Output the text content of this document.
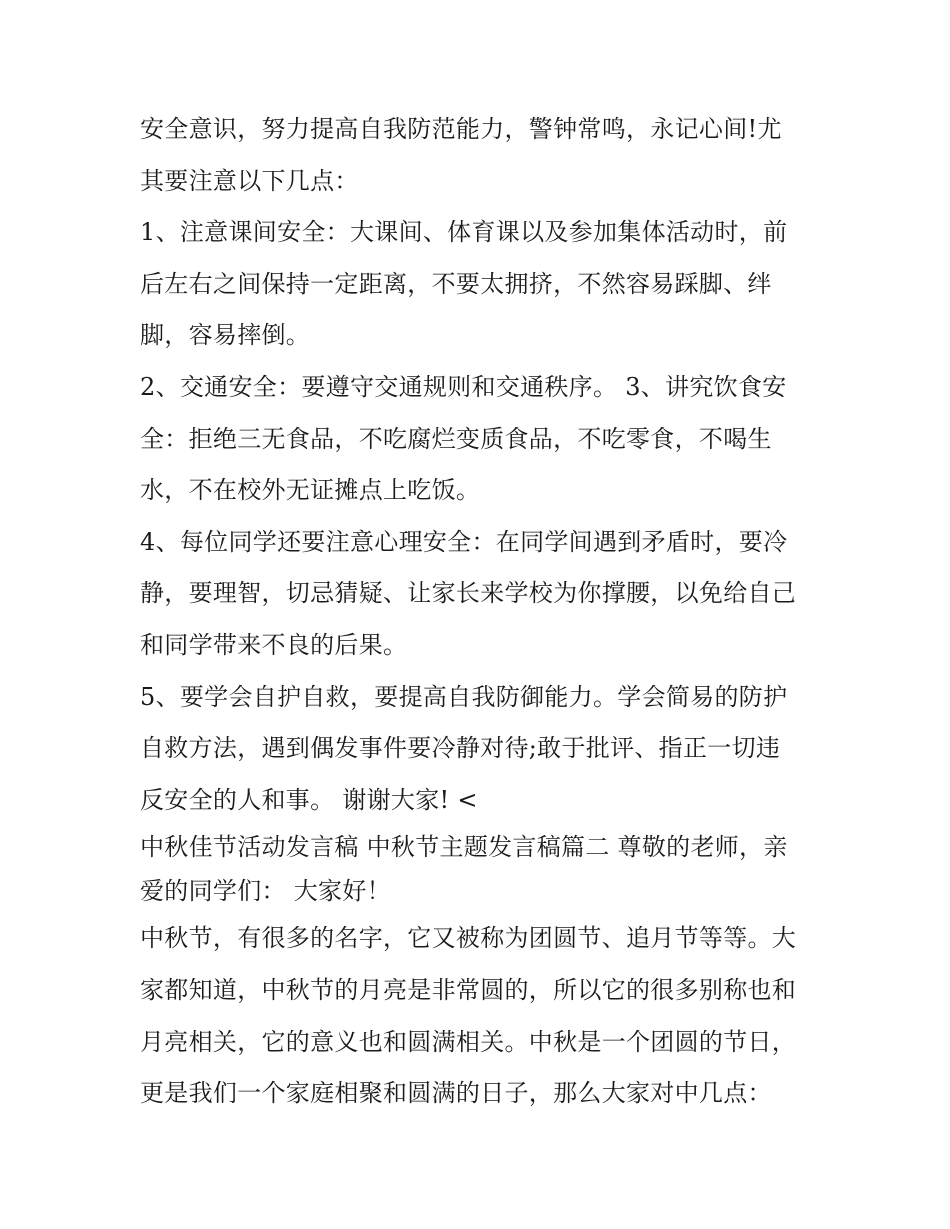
安全意识，努力提高自我防范能力，警钟常鸣，永记心间!尤
其要注意以下几点：
1、注意课间安全：大课间、体育课以及参加集体活动时，前
后左右之间保持一定距离，不要太拥挤，不然容易踩脚、绊
脚，容易摔倒。
2、交通安全：要遵守交通规则和交通秩序。 3、讲究饮食安
全：拒绝三无食品，不吃腐烂变质食品，不吃零食，不喝生
水，不在校外无证摊点上吃饭。
4、每位同学还要注意心理安全：在同学间遇到矛盾时，要冷
静，要理智，切忌猜疑、让家长来学校为你撑腰，以免给自己
和同学带来不良的后果。
5、要学会自护自救，要提高自我防御能力。学会简易的防护
自救方法，遇到偶发事件要冷静对待;敢于批评、指正一切违
反安全的人和事。 谢谢大家! <
中秋佳节活动发言稿 中秋节主题发言稿篇二 尊敬的老师，亲
爱的同学们： 大家好！
中秋节，有很多的名字，它又被称为团圆节、追月节等等。大
家都知道，中秋节的月亮是非常圆的，所以它的很多别称也和
月亮相关，它的意义也和圆满相关。中秋是一个团圆的节日，
更是我们一个家庭相聚和圆满的日子，那么大家对中几点：
